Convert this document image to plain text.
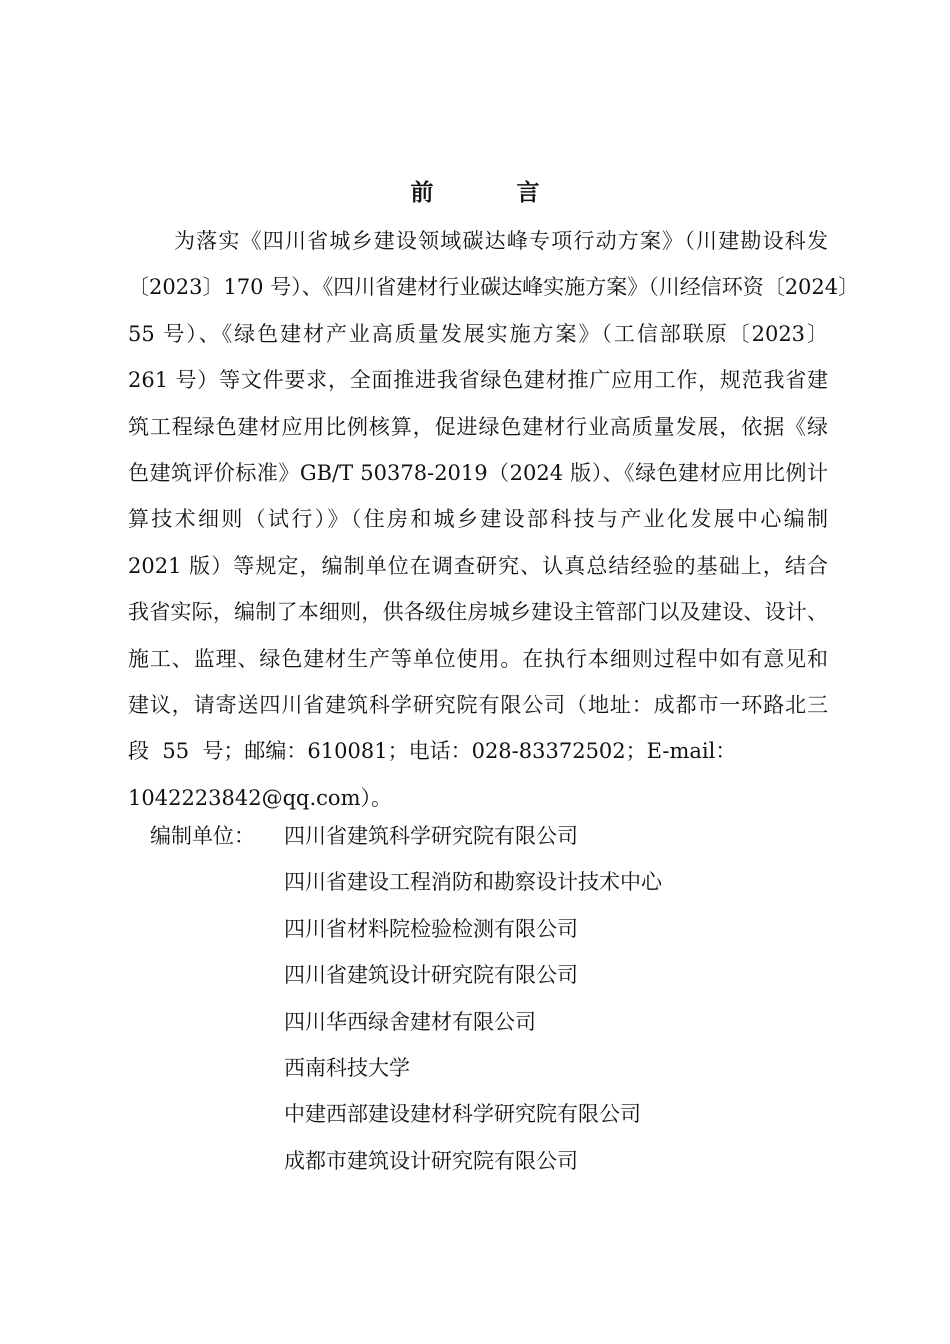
前　言
为落实《四川省城乡建设领域碳达峰专项行动方案》（川建勘设科发
〔2023〕170 号）、《四川省建材行业碳达峰实施方案》（川经信环资〔2024〕
55 号）、《绿色建材产业高质量发展实施方案》（工信部联原〔2023〕
261 号）等文件要求，全面推进我省绿色建材推广应用工作，规范我省建
筑工程绿色建材应用比例核算，促进绿色建材行业高质量发展，依据《绿
色建筑评价标准》GB/T 50378-2019（2024 版）、《绿色建材应用比例计
算技术细则（试行）》（住房和城乡建设部科技与产业化发展中心编制
2021 版）等规定，编制单位在调查研究、认真总结经验的基础上，结合
我省实际，编制了本细则，供各级住房城乡建设主管部门以及建设、设计、
施工、监理、绿色建材生产等单位使用。在执行本细则过程中如有意见和
建议，请寄送四川省建筑科学研究院有限公司（地址：成都市一环路北三
段  55  号；邮编：610081；电话：028-83372502；E-mail：
1042223842@qq.com）。
编制单位： 四川省建筑科学研究院有限公司
四川省建设工程消防和勘察设计技术中心
四川省材料院检验检测有限公司
四川省建筑设计研究院有限公司
四川华西绿舍建材有限公司
西南科技大学
中建西部建设建材科学研究院有限公司
成都市建筑设计研究院有限公司
